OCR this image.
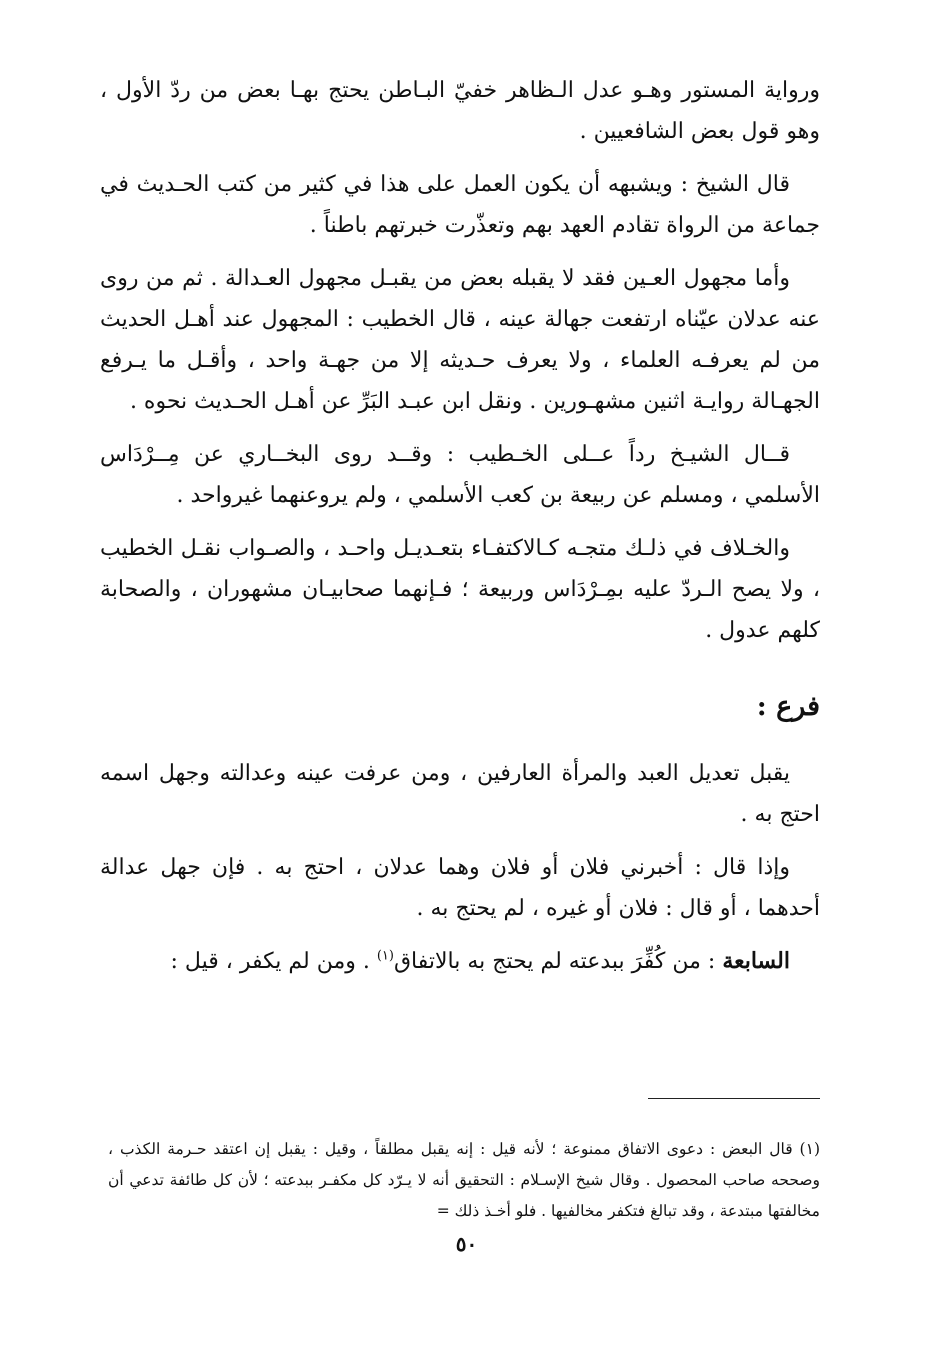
ورواية المستور وهـو عدل الـظاهر خفيّ البـاطن يحتج بهـا بعض من ردّ الأول ، وهو قول بعض الشافعيين .

قال الشيخ : ويشبهه أن يكون العمل على هذا في كثير من كتب الحـديث في جماعة من الرواة تقادم العهد بهم وتعذّرت خبرتهم باطناً .

وأما مجهول العـين فقد لا يقبله بعض من يقبـل مجهول العـدالة . ثم من روى عنه عدلان عيّناه ارتفعت جهالة عينه ، قال الخطيب : المجهول عند أهـل الحديث من لم يعرفـه العلماء ، ولا يعرف حـديثه إلا من جهـة واحد ، وأقـل ما يـرفع الجهـالة روايـة اثنين مشهـورين . ونقل ابن عبـد البَرِّ عن أهـل الحـديث نحوه .

قــال الشيـخ رداً عــلى الخـطيب : وقــد روى البخــاري عن مِــرْدَاس الأسلمي ، ومسلم عن ربيعة بن كعب الأسلمي ، ولم يروعنهما غيرواحد .

والخـلاف في ذلـك متجـه كـالاكتفـاء بتعـديـل واحـد ، والصـواب نقـل الخطيب ، ولا يصح الـردّ عليه بمِـرْدَاس وربيعة ؛ فـإنهما صحابيـان مشهوران ، والصحابة كلهم عدول .

فرع :

يقبل تعديل العبد والمرأة العارفين ، ومن عرفت عينه وعدالته وجهل اسمه احتج به .

وإذا قال : أخبرني فلان أو فلان وهما عدلان ، احتج به . فإن جهل عدالة أحدهما ، أو قال : فلان أو غيره ، لم يحتج به .

السابعة : من كُفِّرَ ببدعته لم يحتج به بالاتفاق$^{(١)}$ . ومن لم يكفر ، قيل :

(١) قال البعض : دعوى الاتفاق ممنوعة ؛ لأنه قيل : إنه يقبل مطلقاً ، وقيل : يقبل إن اعتقد حـرمة الكذب ، وصححه صاحب المحصول . وقال شيخ الإسـلام : التحقيق أنه لا يـرّد كل مكفـر ببدعته ؛ لأن كل طائفة تدعي أن مخالفتها مبتدعة ، وقد تبالغ فتكفر مخالفيها . فلو أخـذ ذلك =

٥٠
